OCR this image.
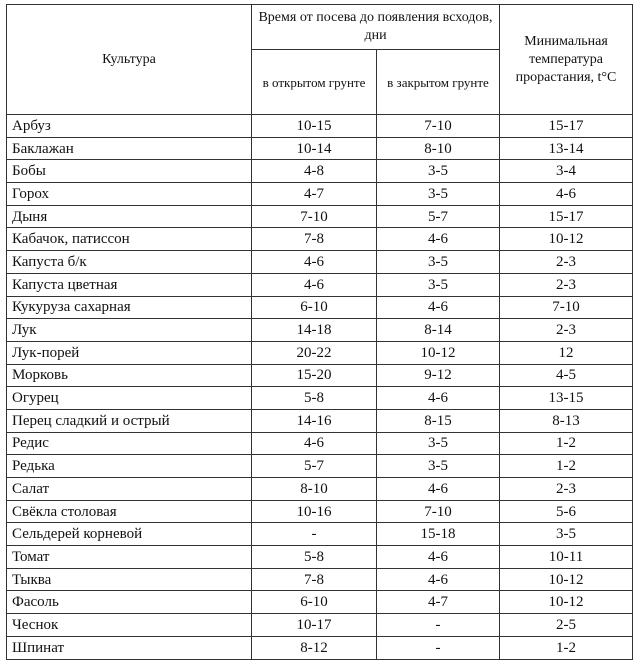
Культура	Время от посева до появления всходов, дни		Минимальная температура прорастания, t°C
	в открытом грунте	в закрытом грунте	
Арбуз	10-15	7-10	15-17
Баклажан	10-14	8-10	13-14
Бобы	4-8	3-5	3-4
Горох	4-7	3-5	4-6
Дыня	7-10	5-7	15-17
Кабачок, патиссон	7-8	4-6	10-12
Капуста б/к	4-6	3-5	2-3
Капуста цветная	4-6	3-5	2-3
Кукуруза сахарная	6-10	4-6	7-10
Лук	14-18	8-14	2-3
Лук-порей	20-22	10-12	12
Морковь	15-20	9-12	4-5
Огурец	5-8	4-6	13-15
Перец сладкий и острый	14-16	8-15	8-13
Редис	4-6	3-5	1-2
Редька	5-7	3-5	1-2
Салат	8-10	4-6	2-3
Свёкла столовая	10-16	7-10	5-6
Сельдерей корневой	-	15-18	3-5
Томат	5-8	4-6	10-11
Тыква	7-8	4-6	10-12
Фасоль	6-10	4-7	10-12
Чеснок	10-17	-	2-5
Шпинат	8-12	-	1-2
